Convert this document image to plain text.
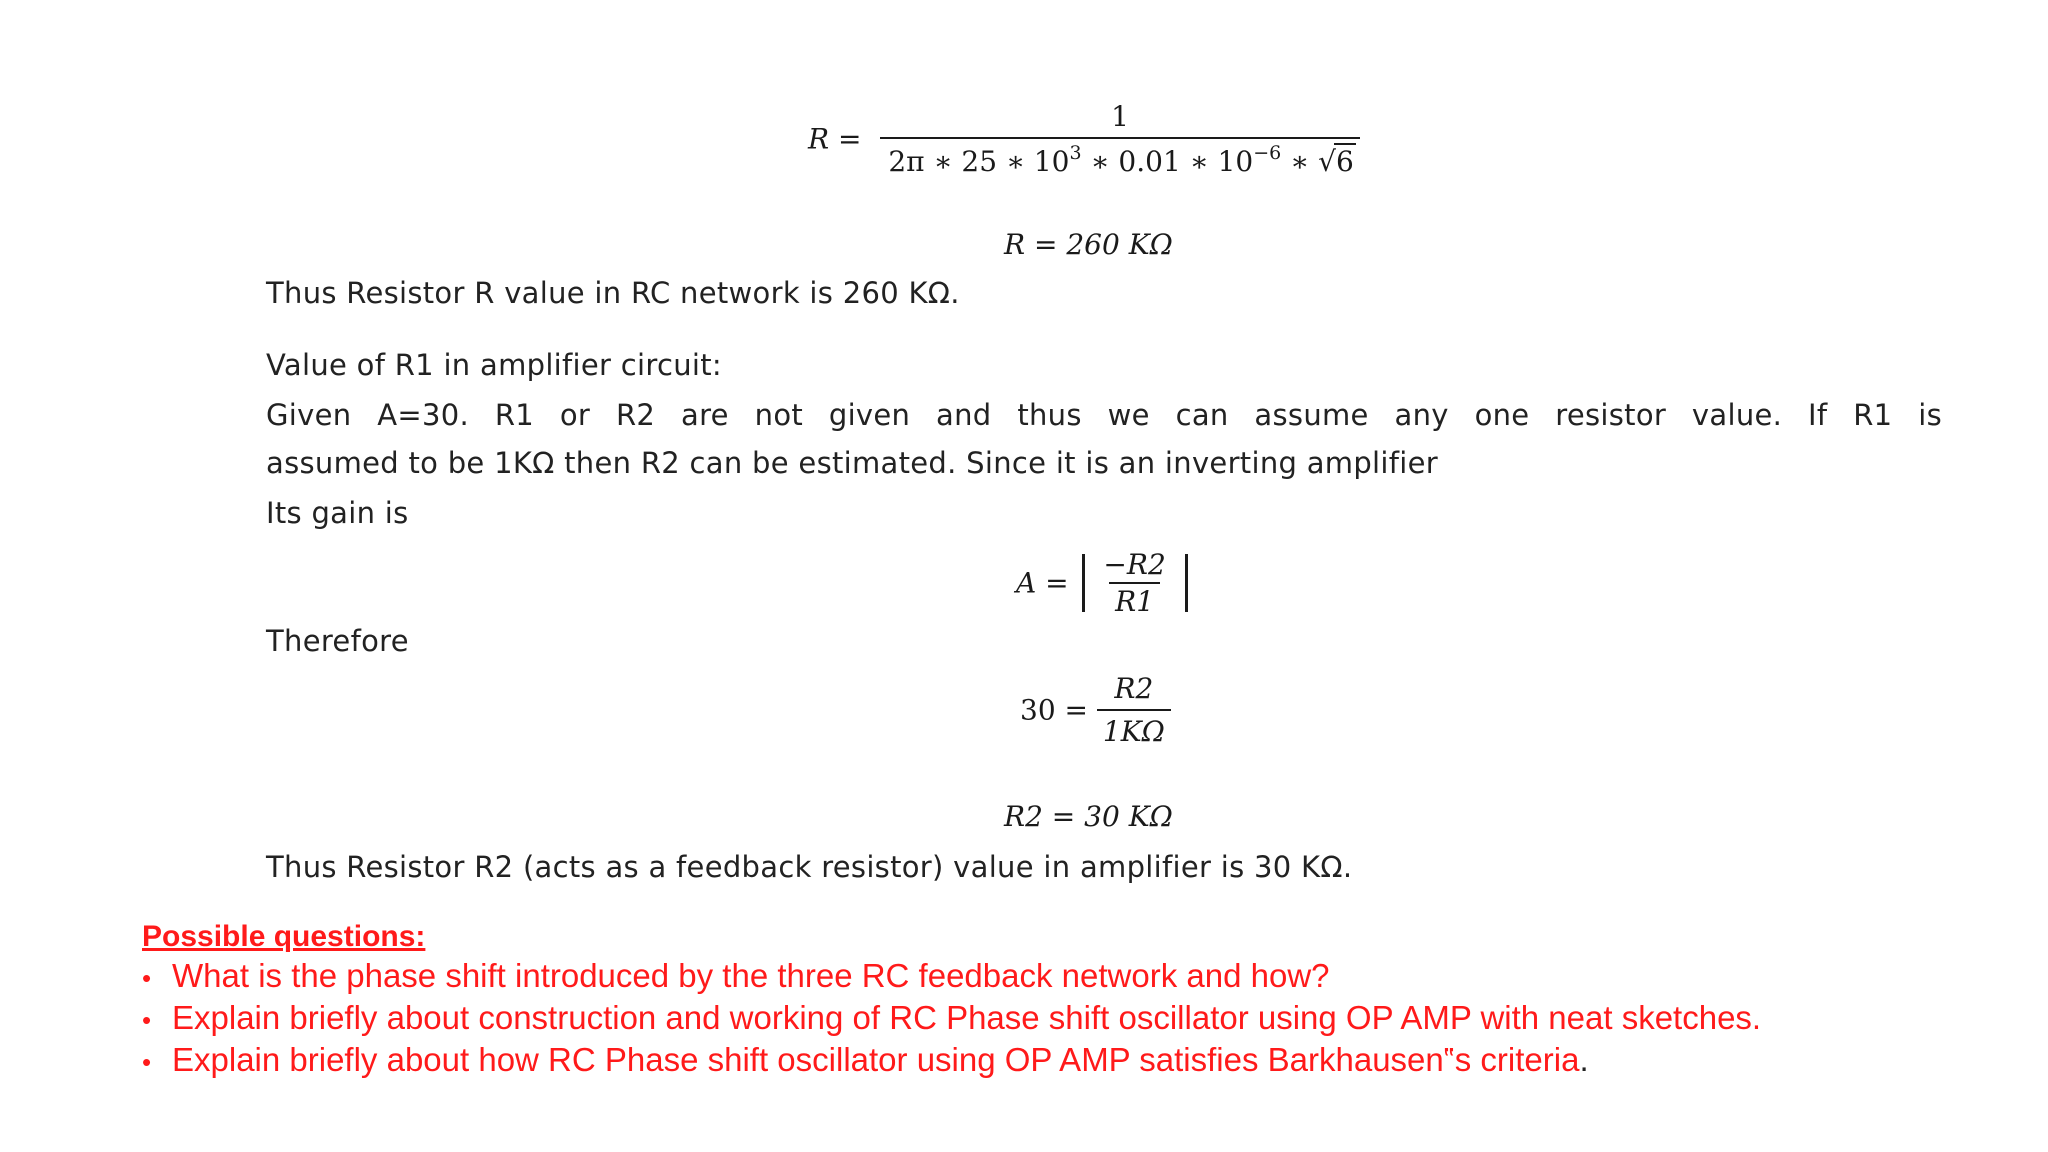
$R = \frac{1}{2\pi ∗ 25 ∗ 10^3 ∗ 0.01 ∗ 10^{-6} ∗ √6}$
R = 260 KΩ
Thus Resistor R value in RC network is 260 KΩ.
Value of R1 in amplifier circuit:
Given A=30. R1 or R2 are not given and thus we can assume any one resistor value. If R1 is
assumed to be 1KΩ then R2 can be estimated. Since it is an inverting amplifier
Its gain is
$A = \frac{-R2}{R1}$

Therefore
$30 = \frac{R2}{1K\Omega}$
R2 = 30 KΩ
Thus Resistor R2 (acts as a feedback resistor) value in amplifier is 30 KΩ.
Possible questions:
• What is the phase shift introduced by the three RC feedback network and how?
• Explain briefly about construction and working of RC Phase shift oscillator using OP AMP with neat sketches.
• Explain briefly about how RC Phase shift oscillator using OP AMP satisfies Barkhausen‟s criteria.
